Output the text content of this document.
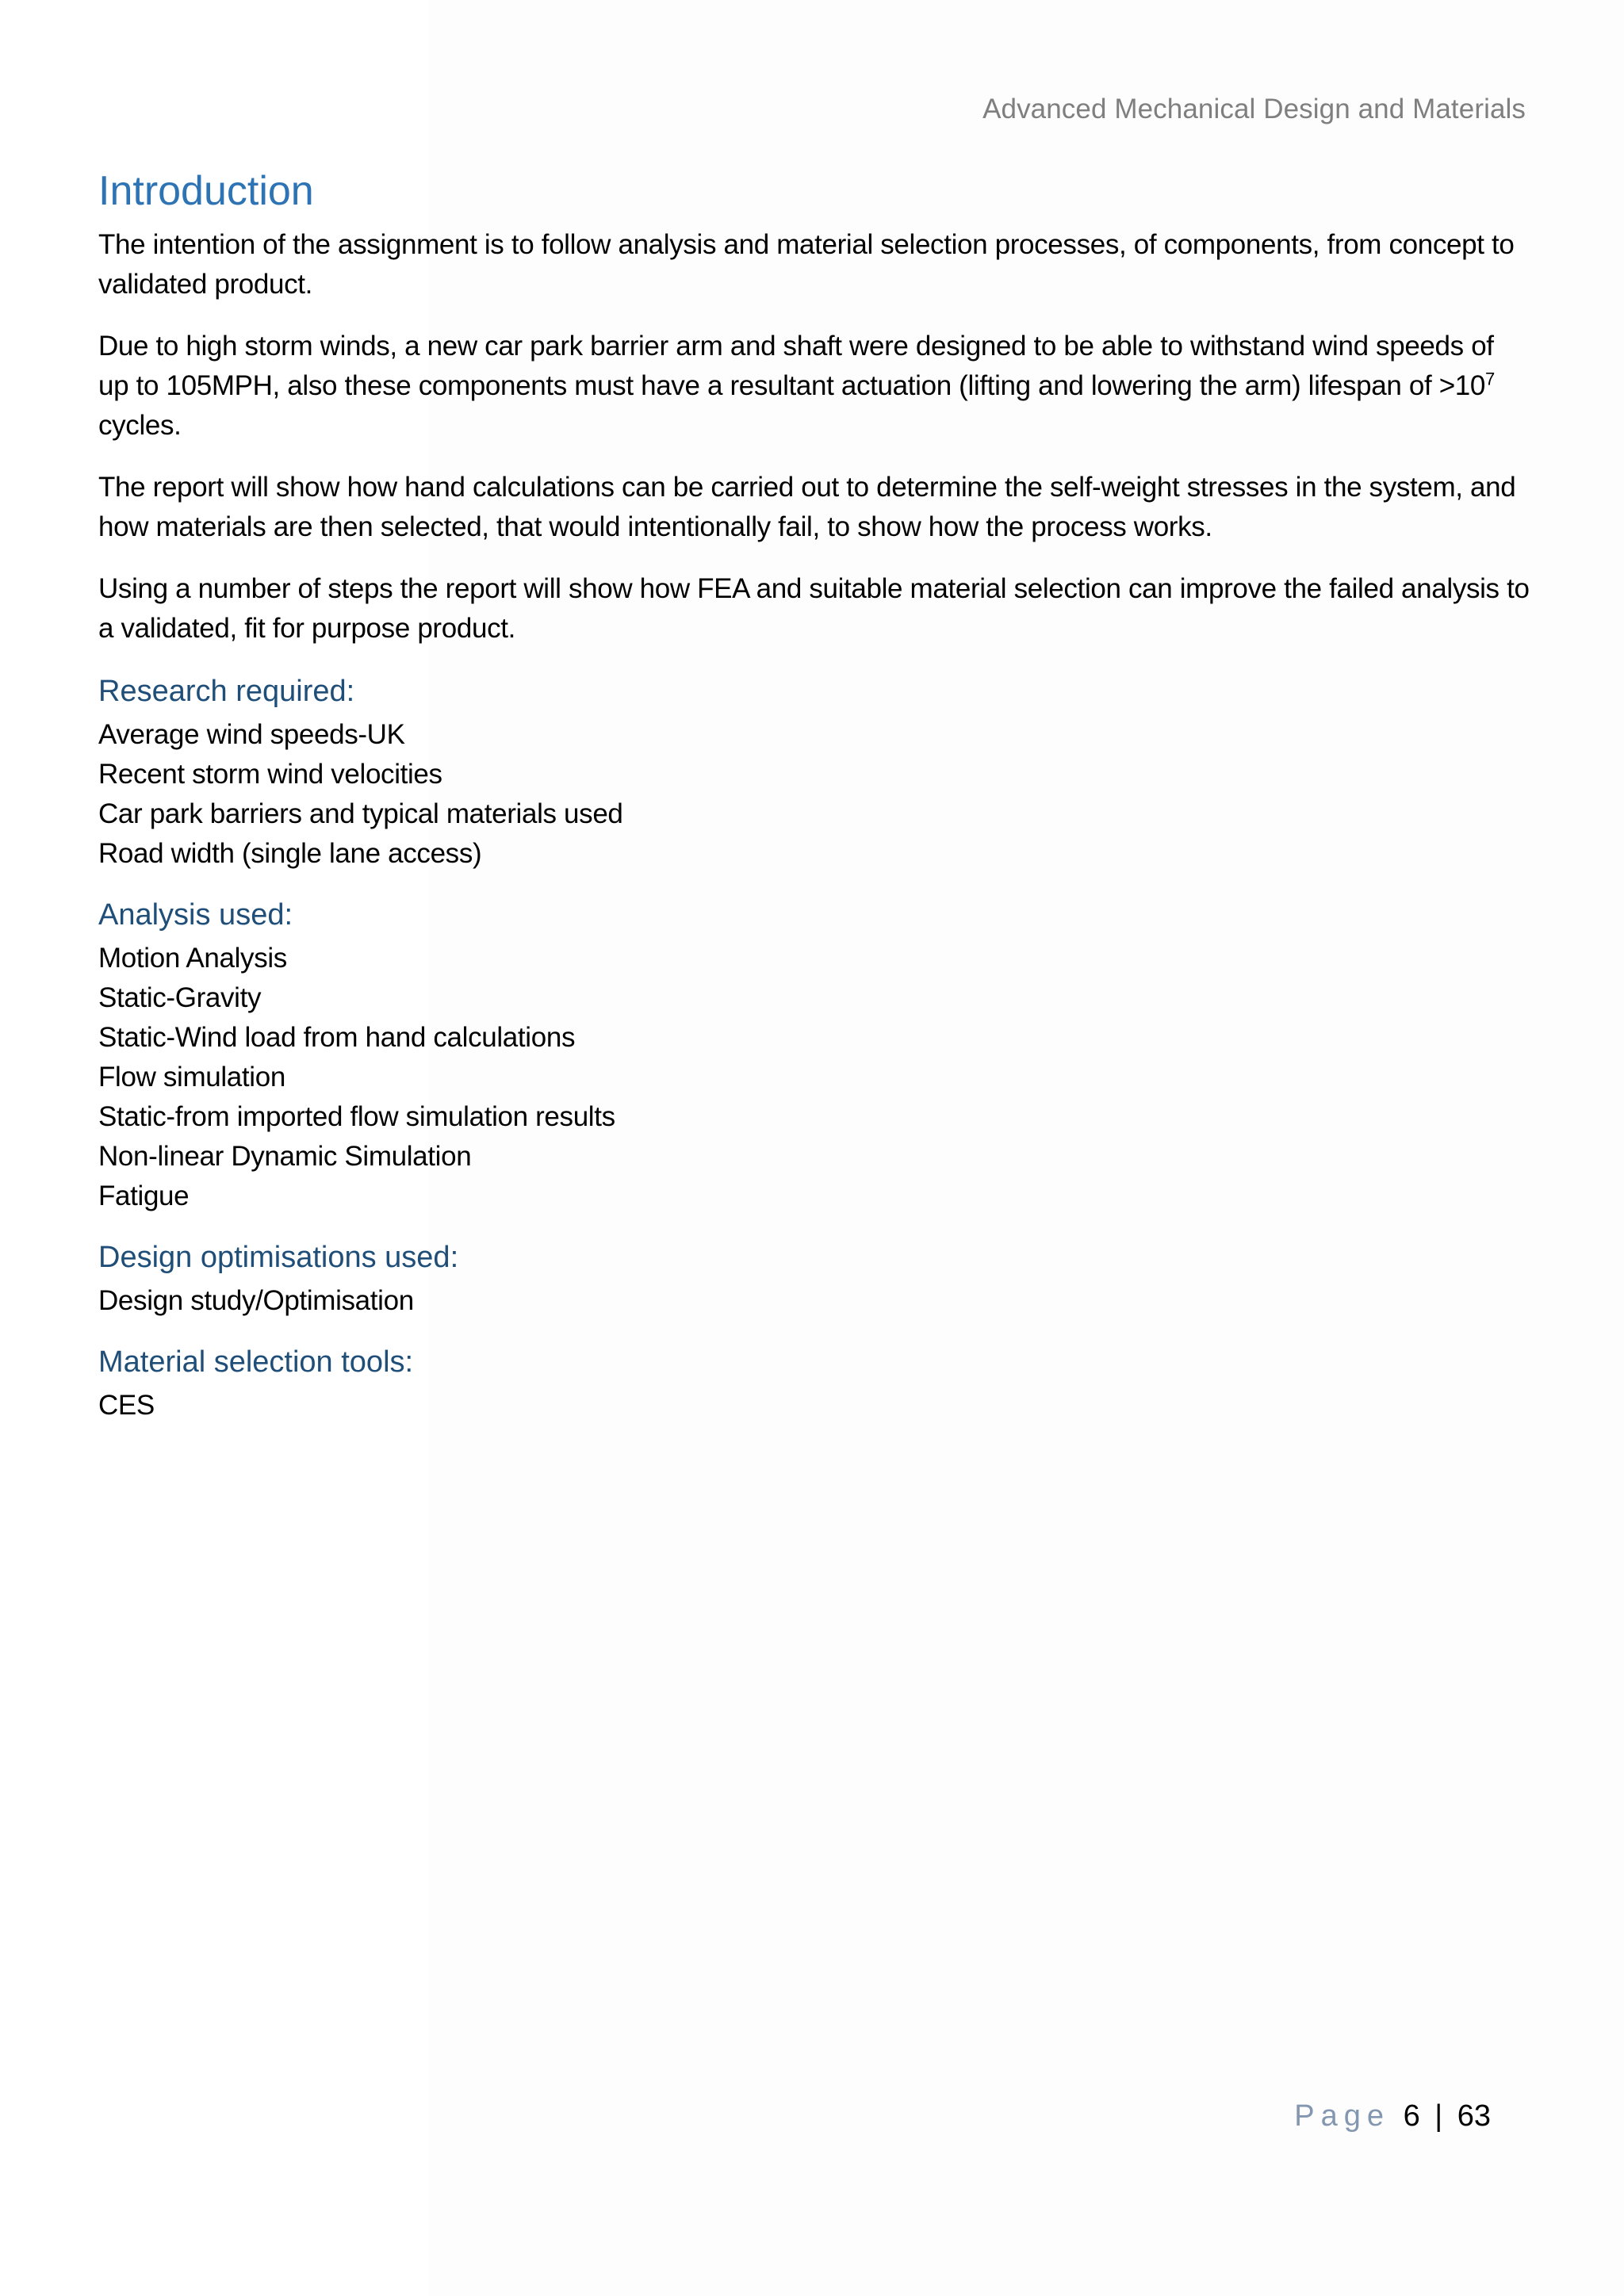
Advanced Mechanical Design and Materials
Introduction

The intention of the assignment is to follow analysis and material selection processes, of components, from concept to validated product.

Due to high storm winds, a new car park barrier arm and shaft were designed to be able to withstand wind speeds of up to 105MPH, also these components must have a resultant actuation (lifting and lowering the arm) lifespan of $>10^7$ cycles.

The report will show how hand calculations can be carried out to determine the self-weight stresses in the system, and how materials are then selected, that would intentionally fail, to show how the process works.

Using a number of steps the report will show how FEA and suitable material selection can improve the failed analysis to a validated, fit for purpose product.

Research required:
Average wind speeds-UK
Recent storm wind velocities
Car park barriers and typical materials used
Road width (single lane access)
Analysis used:
Motion Analysis
Static-Gravity
Static-Wind load from hand calculations
Flow simulation
Static-from imported flow simulation results
Non-linear Dynamic Simulation
Fatigue
Design optimisations used:
Design study/Optimisation
Material selection tools:
CES
Page 6 | 63
